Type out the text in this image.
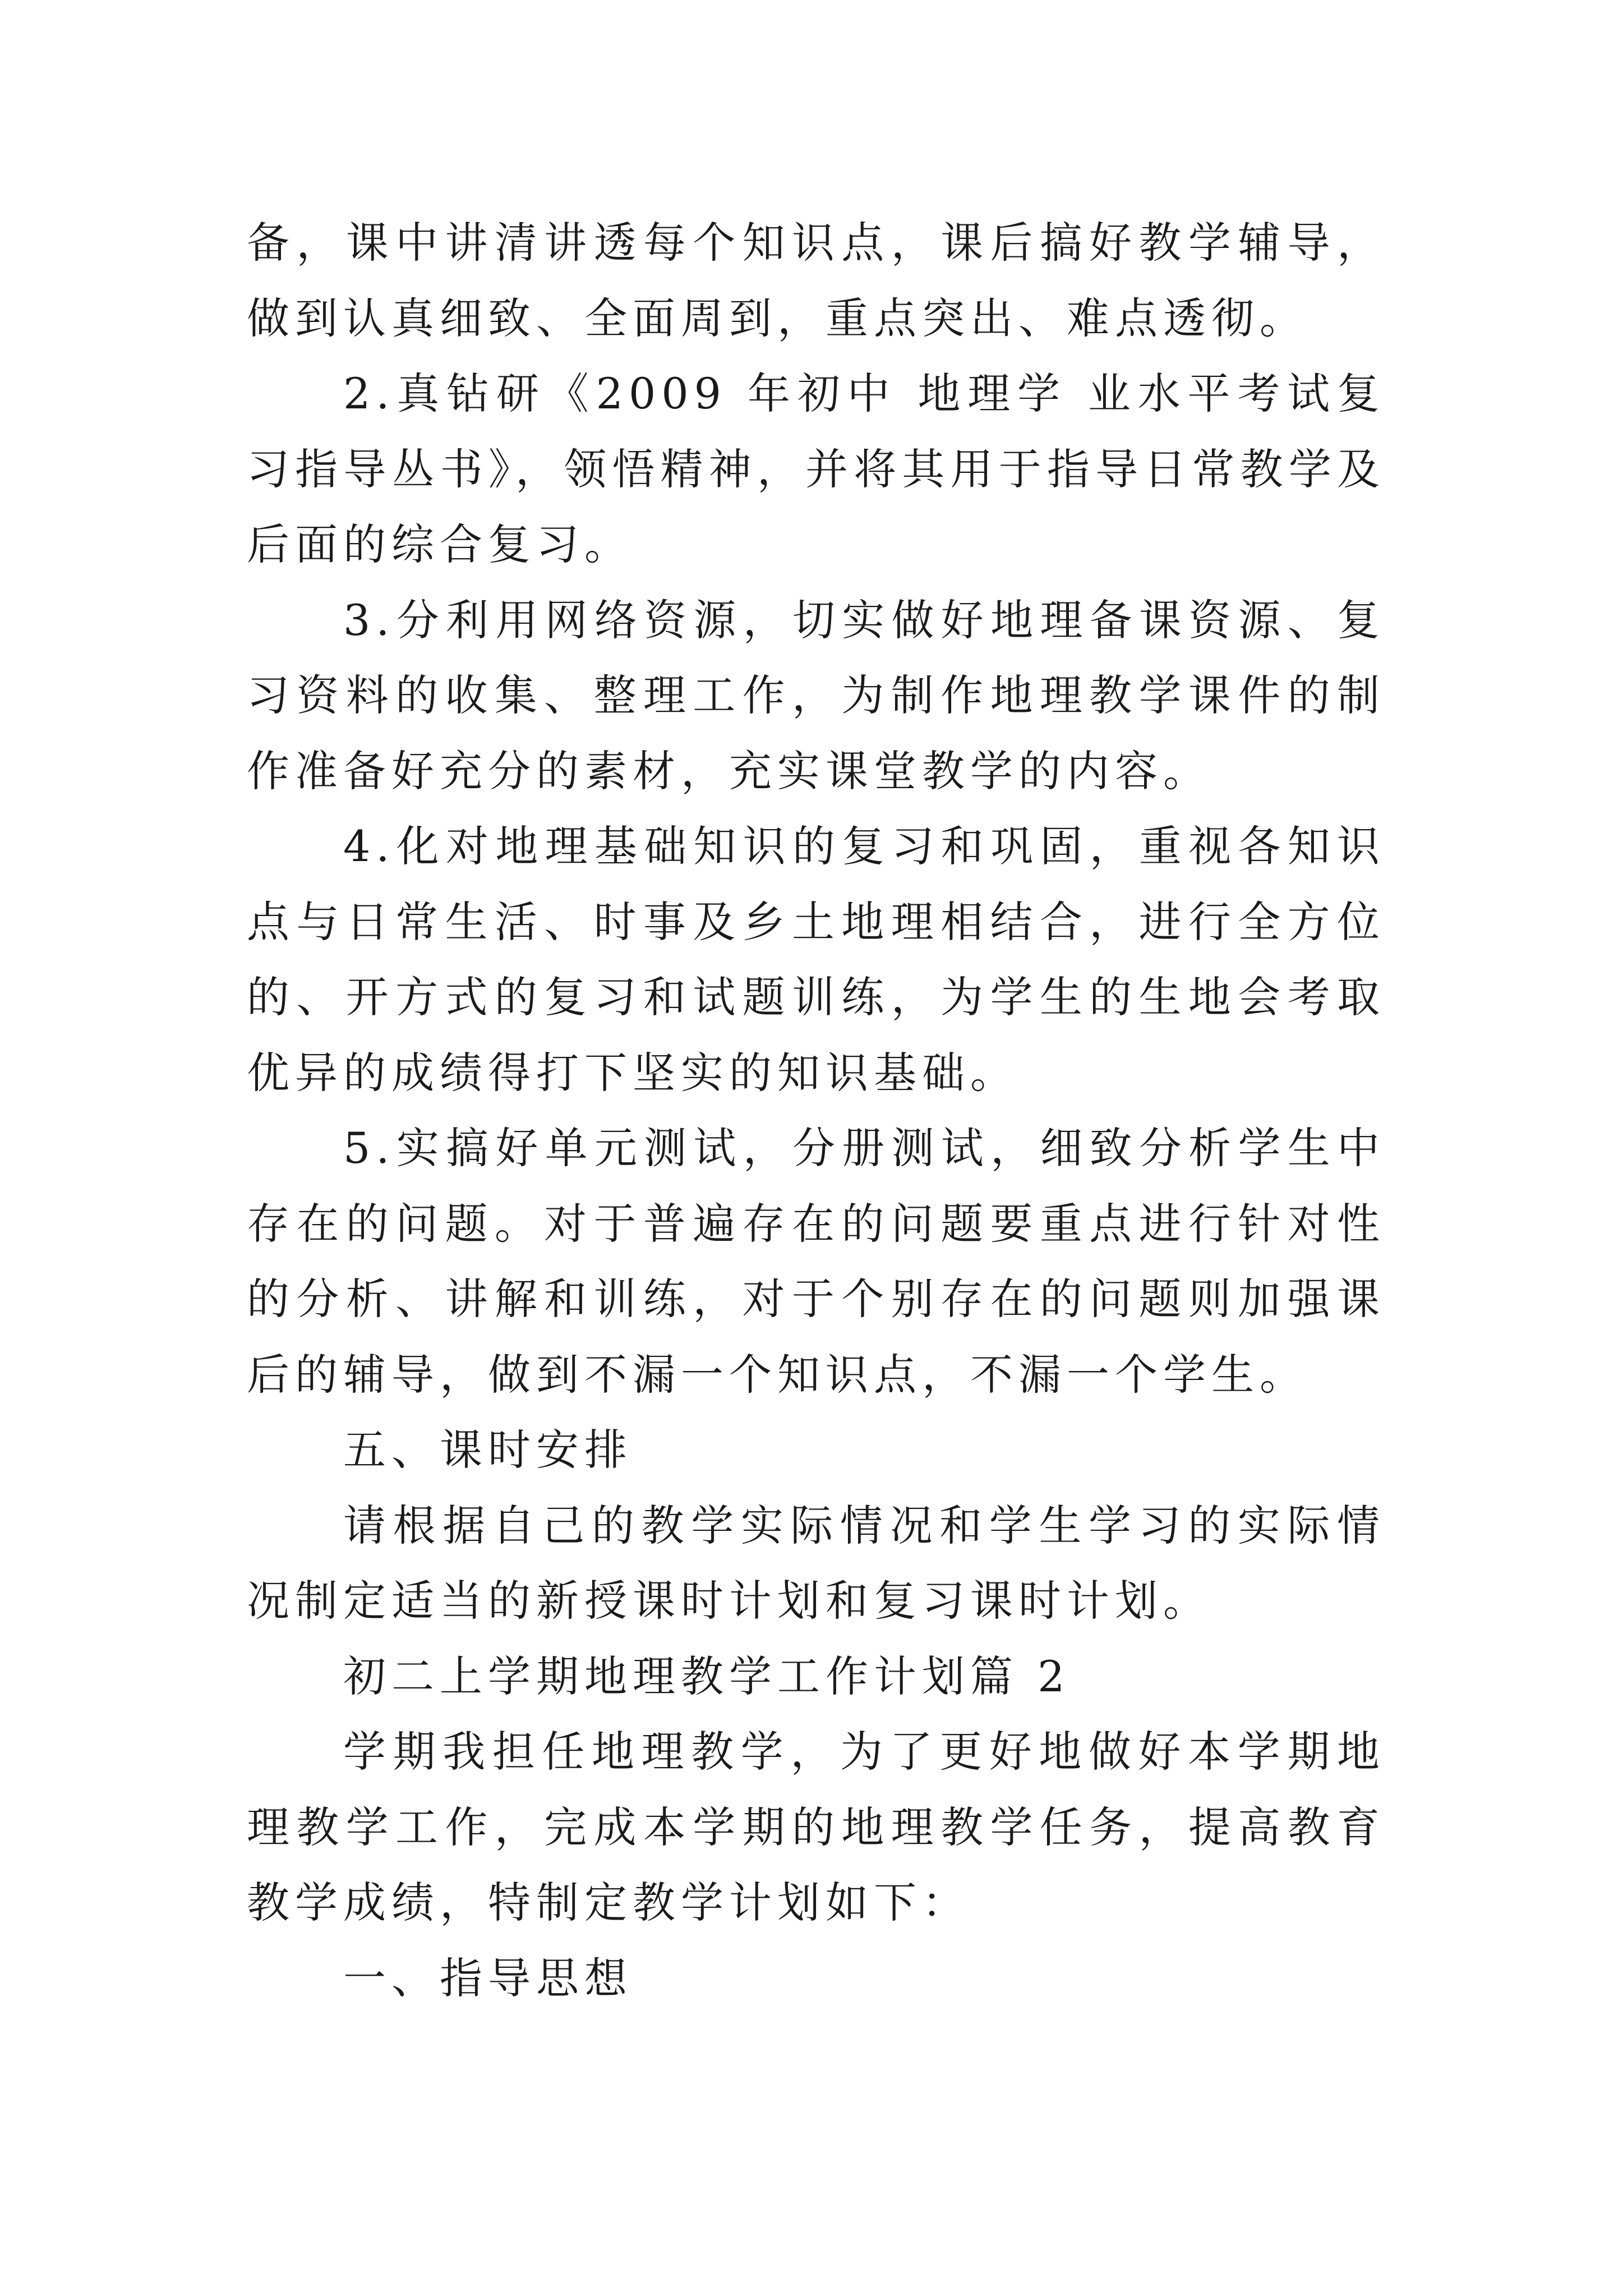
备，课中讲清讲透每个知识点，课后搞好教学辅导，做到认真细致、全面周到，重点突出、难点透彻。

2.真钻研《2009 年初中 地理学 业水平考试复习指导丛书》，领悟精神，并将其用于指导日常教学及后面的综合复习。

3.分利用网络资源，切实做好地理备课资源、复习资料的收集、整理工作，为制作地理教学课件的制作准备好充分的素材，充实课堂教学的内容。

4.化对地理基础知识的复习和巩固，重视各知识点与日常生活、时事及乡土地理相结合，进行全方位的、开方式的复习和试题训练，为学生的生地会考取优异的成绩得打下坚实的知识基础。

5.实搞好单元测试，分册测试，细致分析学生中存在的问题。对于普遍存在的问题要重点进行针对性的分析、讲解和训练，对于个别存在的问题则加强课后的辅导，做到不漏一个知识点，不漏一个学生。

五、课时安排

请根据自己的教学实际情况和学生学习的实际情况制定适当的新授课时计划和复习课时计划。

初二上学期地理教学工作计划篇 2

学期我担任地理教学，为了更好地做好本学期地理教学工作，完成本学期的地理教学任务，提高教育教学成绩，特制定教学计划如下：

一、指导思想
